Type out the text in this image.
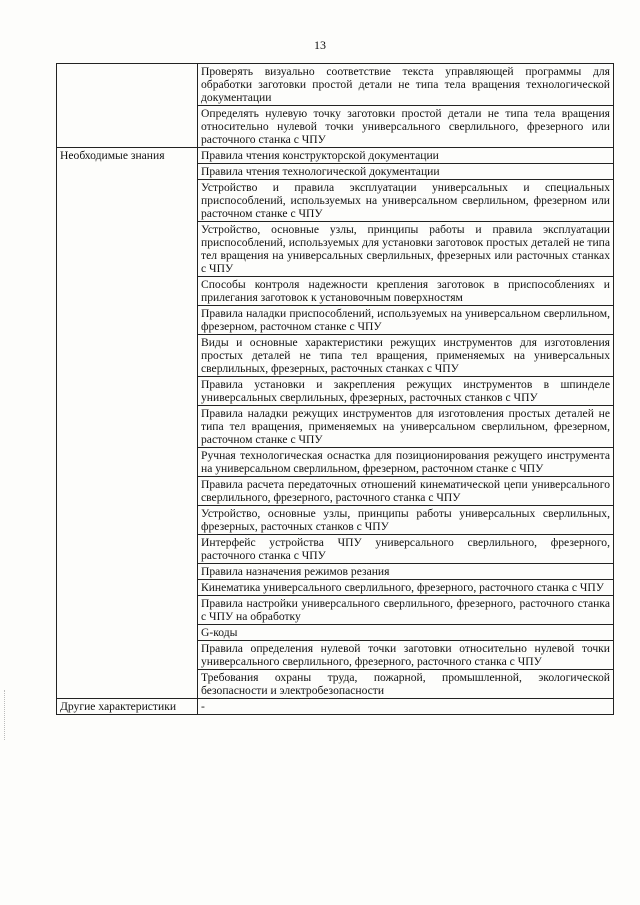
13
	Проверять визуально соответствие текста управляющей программы для обработки заготовки простой детали не типа тела вращения технологической документации
	Определять нулевую точку заготовки простой детали не типа тела вращения относительно нулевой точки универсального сверлильного, фрезерного или расточного станка с ЧПУ
Необходимые знания	Правила чтения конструкторской документации
	Правила чтения технологической документации
	Устройство и правила эксплуатации универсальных и специальных приспособлений, используемых на универсальном сверлильном, фрезерном или расточном станке с ЧПУ
	Устройство, основные узлы, принципы работы и правила эксплуатации приспособлений, используемых для установки заготовок простых деталей не типа тел вращения на универсальных сверлильных, фрезерных или расточных станках с ЧПУ
	Способы контроля надежности крепления заготовок в приспособлениях и прилегания заготовок к установочным поверхностям
	Правила наладки приспособлений, используемых на универсальном сверлильном, фрезерном, расточном станке с ЧПУ
	Виды и основные характеристики режущих инструментов для изготовления простых деталей не типа тел вращения, применяемых на универсальных сверлильных, фрезерных, расточных станках с ЧПУ
	Правила установки и закрепления режущих инструментов в шпинделе универсальных сверлильных, фрезерных, расточных станков с ЧПУ
	Правила наладки режущих инструментов для изготовления простых деталей не типа тел вращения, применяемых на универсальном сверлильном, фрезерном, расточном станке с ЧПУ
	Ручная технологическая оснастка для позиционирования режущего инструмента на универсальном сверлильном, фрезерном, расточном станке с ЧПУ
	Правила расчета передаточных отношений кинематической цепи универсального сверлильного, фрезерного, расточного станка с ЧПУ
	Устройство, основные узлы, принципы работы универсальных сверлильных, фрезерных, расточных станков с ЧПУ
	Интерфейс устройства ЧПУ универсального сверлильного, фрезерного, расточного станка с ЧПУ
	Правила назначения режимов резания
	Кинематика универсального сверлильного, фрезерного, расточного станка с ЧПУ
	Правила настройки универсального сверлильного, фрезерного, расточного станка с ЧПУ на обработку
	G-коды
	Правила определения нулевой точки заготовки относительно нулевой точки универсального сверлильного, фрезерного, расточного станка с ЧПУ
	Требования охраны труда, пожарной, промышленной, экологической безопасности и электробезопасности
Другие характеристики	-
